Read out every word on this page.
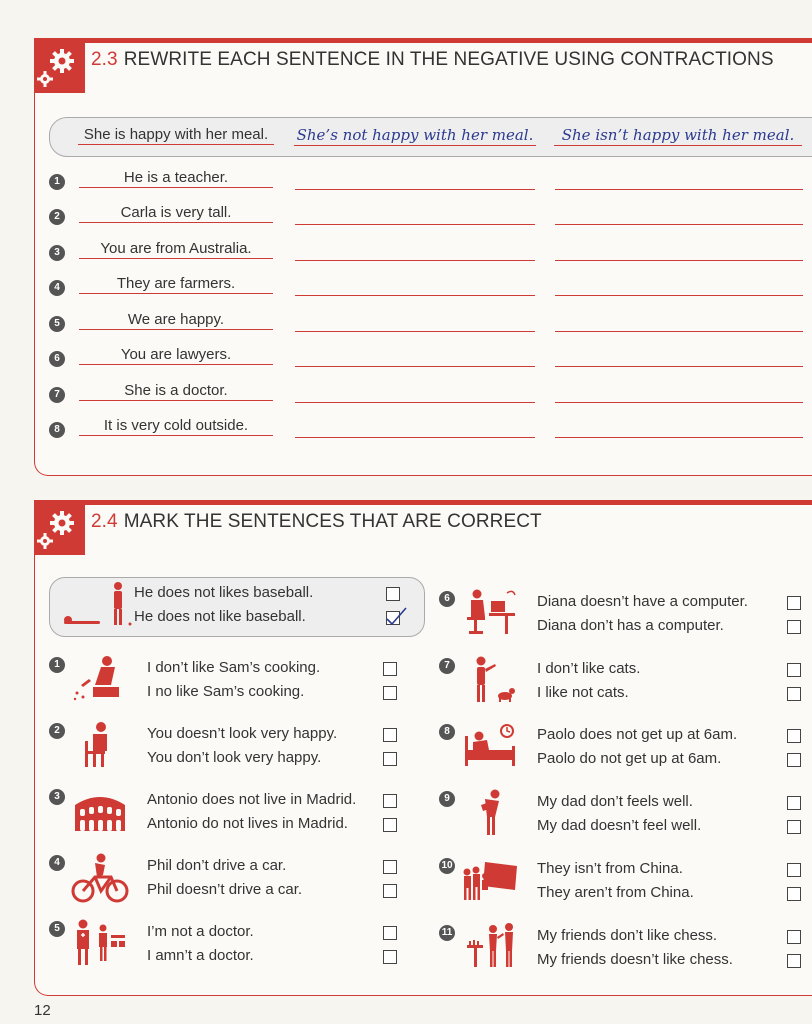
2.3 REWRITE EACH SENTENCE IN THE NEGATIVE USING CONTRACTIONS
She is happy with her meal.	She’s not happy with her meal.	She isn’t happy with her meal.
1	He is a teacher.
2	Carla is very tall.
3	You are from Australia.
4	They are farmers.
5	We are happy.
6	You are lawyers.
7	She is a doctor.
8	It is very cold outside.
2.4 MARK THE SENTENCES THAT ARE CORRECT
He does not likes baseball.
He does not like baseball.
1	I don’t like Sam’s cooking.
I no like Sam’s cooking.
2	You doesn’t look very happy.
You don’t look very happy.
3	Antonio does not live in Madrid.
Antonio do not lives in Madrid.
4	Phil don’t drive a car.
Phil doesn’t drive a car.
5	I’m not a doctor.
I amn’t a doctor.
6	Diana doesn’t have a computer.
Diana don’t has a computer.
7	I don’t like cats.
I like not cats.
8	Paolo does not get up at 6am.
Paolo do not get up at 6am.
9	My dad don’t feels well.
My dad doesn’t feel well.
10	They isn’t from China.
They aren’t from China.
11	My friends don’t like chess.
My friends doesn’t like chess.
12
